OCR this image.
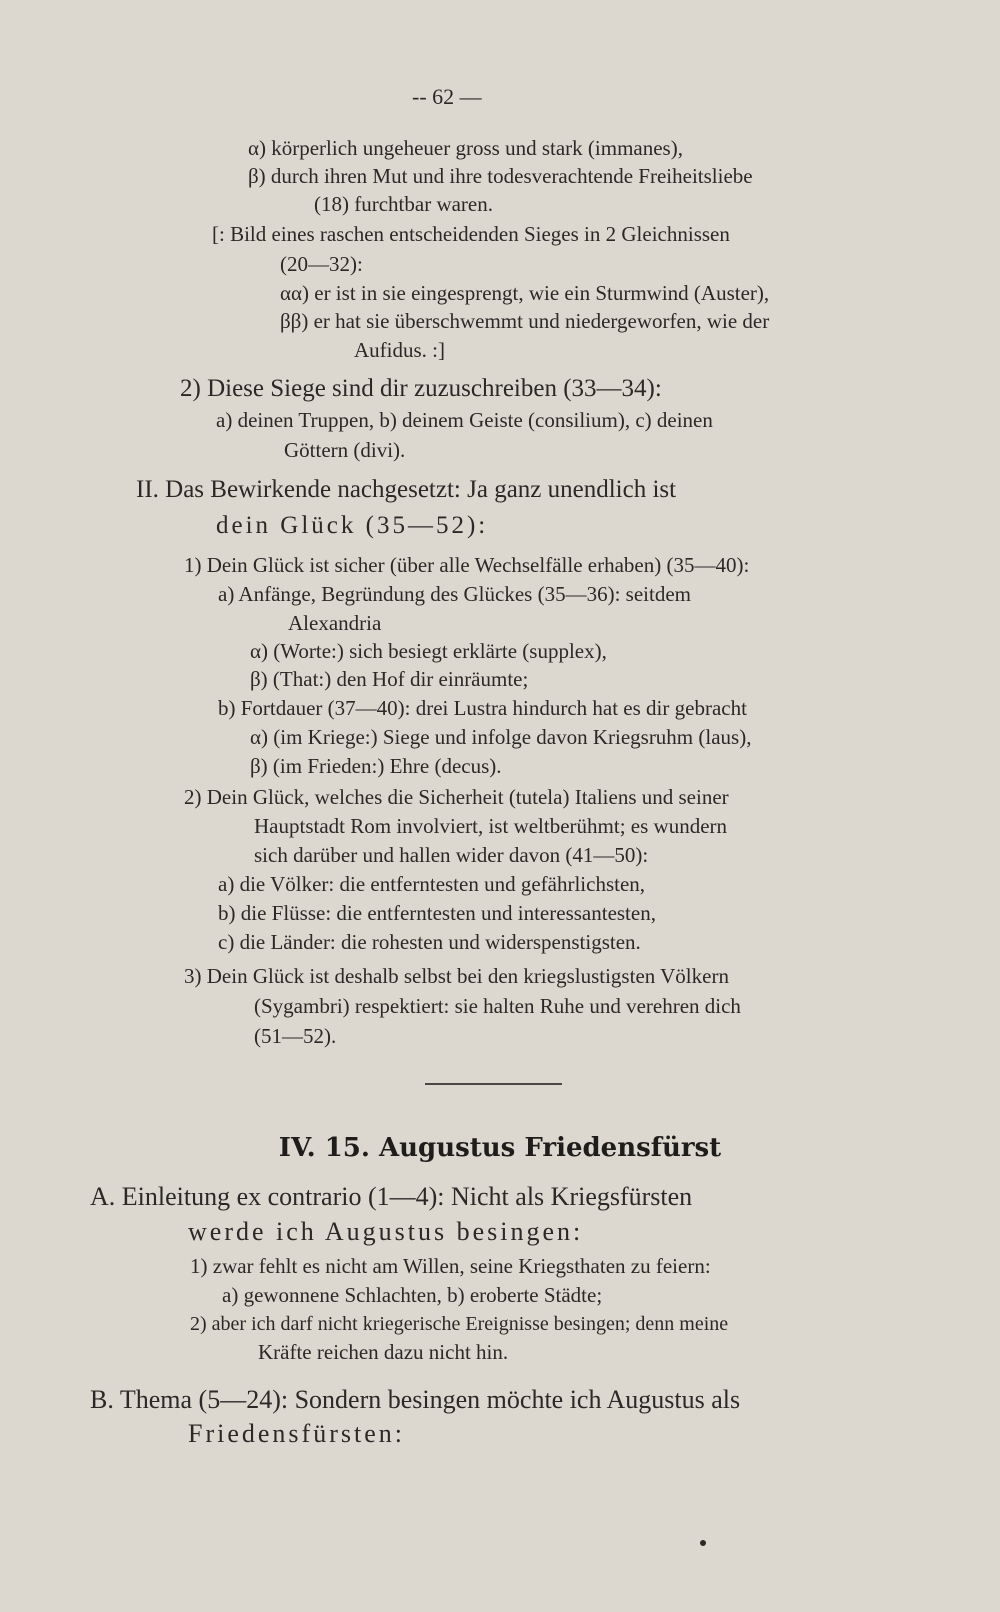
-- 62 —
α) körperlich ungeheuer gross und stark (immanes),
β) durch ihren Mut und ihre todesverachtende Freiheitsliebe
(18) furchtbar waren.
[: Bild eines raschen entscheidenden Sieges in 2 Gleichnissen
(20—32):
αα) er ist in sie eingesprengt, wie ein Sturmwind (Auster),
ββ) er hat sie überschwemmt und niedergeworfen, wie der
Aufidus. :]
2) Diese Siege sind dir zuzuschreiben (33—34):
a) deinen Truppen, b) deinem Geiste (consilium), c) deinen
Göttern (divi).
II. Das Bewirkende nachgesetzt: Ja ganz unendlich ist
dein Glück (35—52):
1) Dein Glück ist sicher (über alle Wechselfälle erhaben) (35—40):
a) Anfänge, Begründung des Glückes (35—36): seitdem
Alexandria
α) (Worte:) sich besiegt erklärte (supplex),
β) (That:) den Hof dir einräumte;
b) Fortdauer (37—40): drei Lustra hindurch hat es dir gebracht
α) (im Kriege:) Siege und infolge davon Kriegsruhm (laus),
β) (im Frieden:) Ehre (decus).
2) Dein Glück, welches die Sicherheit (tutela) Italiens und seiner
Hauptstadt Rom involviert, ist weltberühmt; es wundern
sich darüber und hallen wider davon (41—50):
a) die Völker: die entferntesten und gefährlichsten,
b) die Flüsse: die entferntesten und interessantesten,
c) die Länder: die rohesten und widerspenstigsten.
3) Dein Glück ist deshalb selbst bei den kriegslustigsten Völkern
(Sygambri) respektiert: sie halten Ruhe und verehren dich
(51—52).
IV. 15. Augustus Friedensfürst
A. Einleitung ex contrario (1—4): Nicht als Kriegsfürsten
werde ich Augustus besingen:
1) zwar fehlt es nicht am Willen, seine Kriegsthaten zu feiern:
a) gewonnene Schlachten, b) eroberte Städte;
2) aber ich darf nicht kriegerische Ereignisse besingen; denn meine
Kräfte reichen dazu nicht hin.
B. Thema (5—24): Sondern besingen möchte ich Augustus als
Friedensfürsten:
